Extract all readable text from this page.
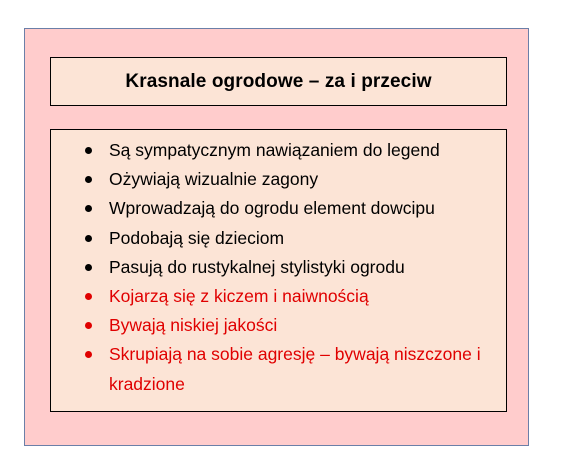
Krasnale ogrodowe – za i przeciw
Są sympatycznym nawiązaniem do legend
Ożywiają wizualnie zagony
Wprowadzają do ogrodu element dowcipu
Podobają się dzieciom
Pasują do rustykalnej stylistyki ogrodu
Kojarzą się z kiczem i naiwnością
Bywają niskiej jakości
Skrupiają na sobie agresję – bywają niszczone i kradzione
